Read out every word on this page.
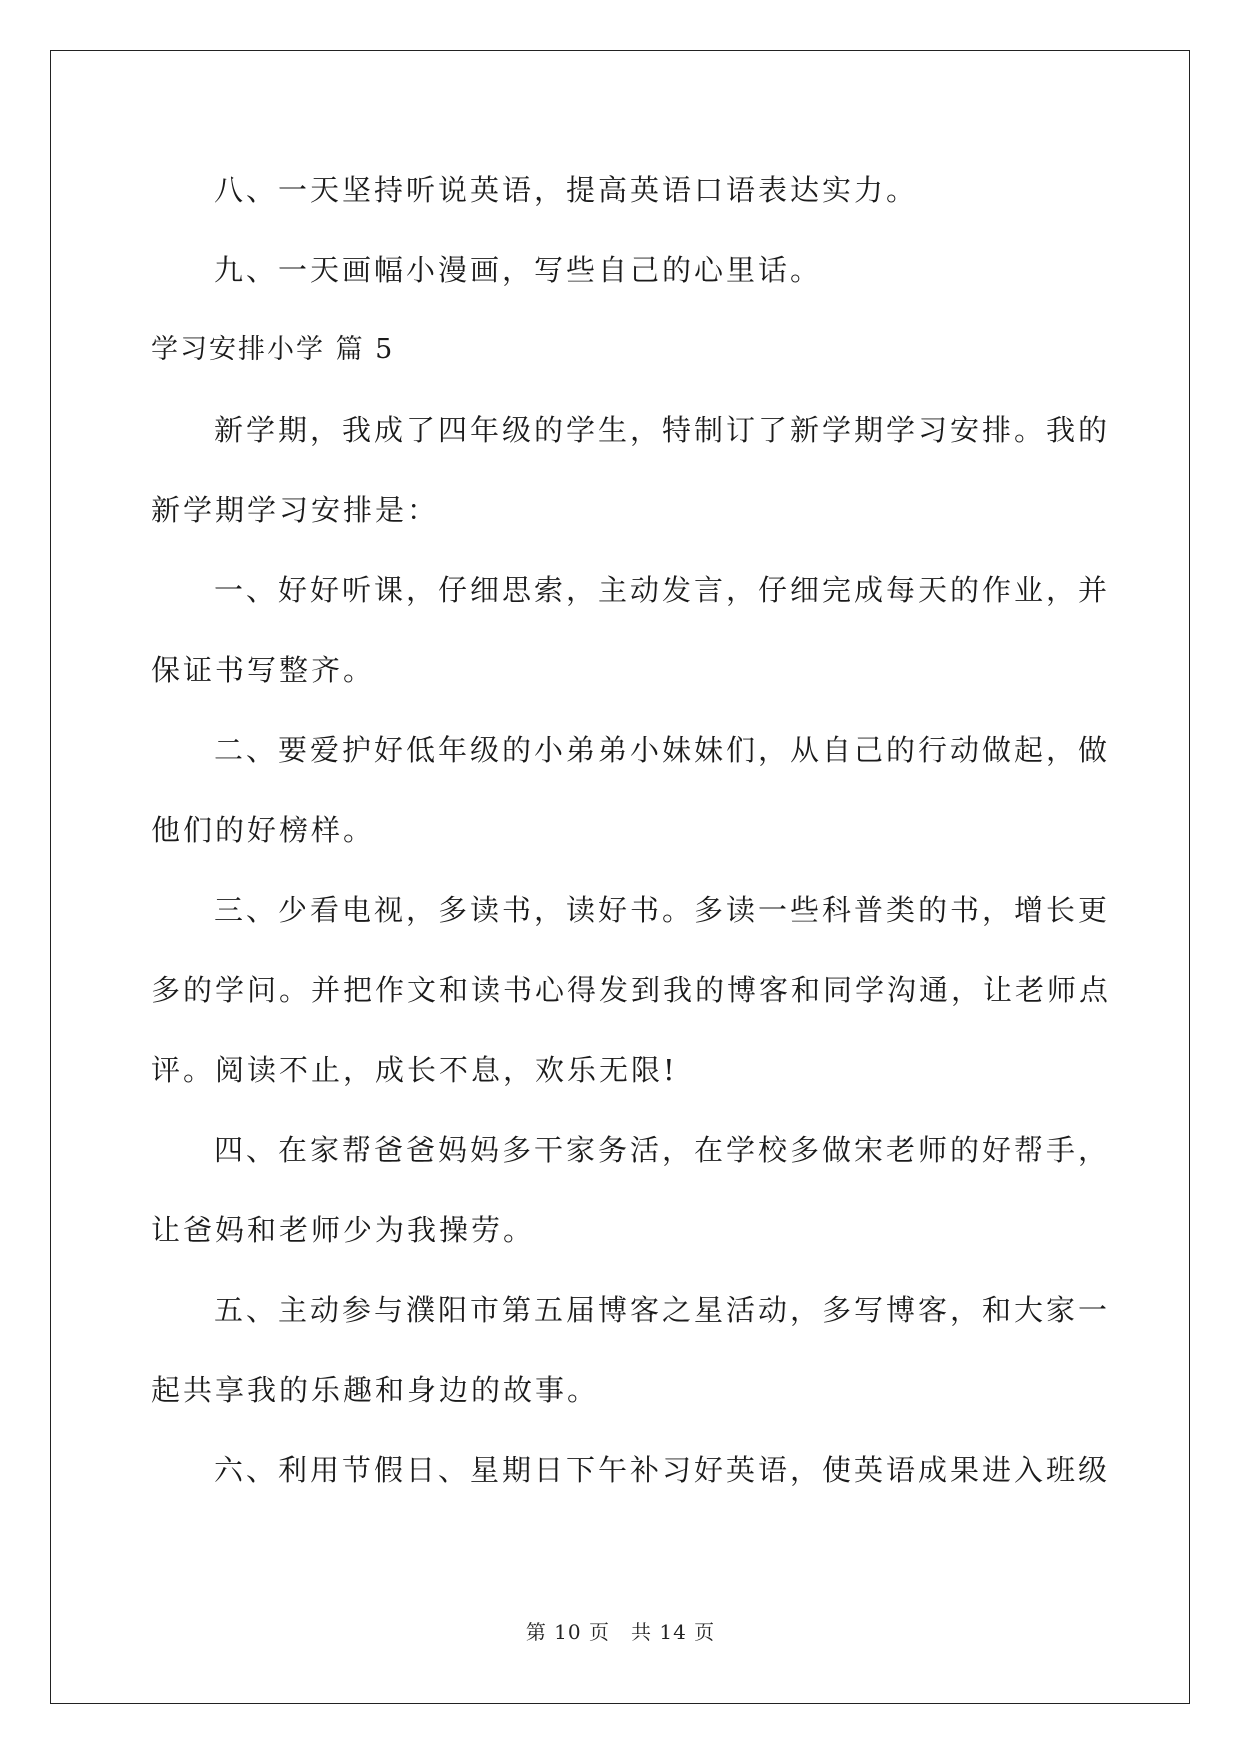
八、一天坚持听说英语，提高英语口语表达实力。
九、一天画幅小漫画，写些自己的心里话。
学习安排小学 篇 5
新学期，我成了四年级的学生，特制订了新学期学习安排。我的
新学期学习安排是：
一、好好听课，仔细思索，主动发言，仔细完成每天的作业，并
保证书写整齐。
二、要爱护好低年级的小弟弟小妹妹们，从自己的行动做起，做
他们的好榜样。
三、少看电视，多读书，读好书。多读一些科普类的书，增长更
多的学问。并把作文和读书心得发到我的博客和同学沟通，让老师点
评。阅读不止，成长不息，欢乐无限!
四、在家帮爸爸妈妈多干家务活，在学校多做宋老师的好帮手，
让爸妈和老师少为我操劳。
五、主动参与濮阳市第五届博客之星活动，多写博客，和大家一
起共享我的乐趣和身边的故事。
六、利用节假日、星期日下午补习好英语，使英语成果进入班级
第 10 页　共 14 页
